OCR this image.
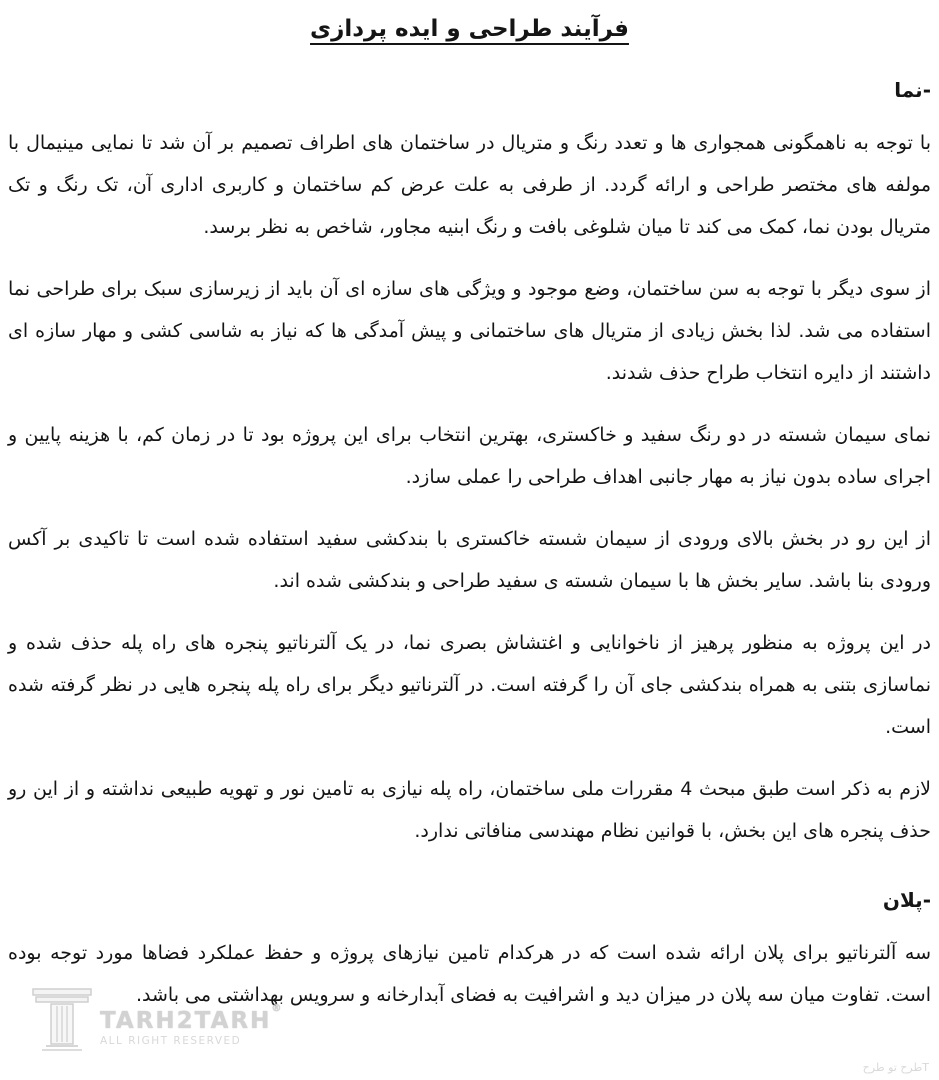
فرآیند طراحی و ایده پردازی
-نما

با توجه به ناهمگونی همجواری ها و تعدد رنگ و متریال در ساختمان های اطراف تصمیم بر آن شد تا نمایی مینیمال با مولفه های مختصر طراحی و ارائه گردد. از طرفی به علت عرض کم ساختمان و کاربری اداری آن، تک رنگ و تک متریال بودن نما، کمک می کند تا میان شلوغی بافت و رنگ ابنیه مجاور، شاخص به نظر برسد.

از سوی دیگر با توجه به سن ساختمان، وضع موجود و ویژگی های سازه ای آن باید از زیرسازی سبک برای طراحی نما استفاده می شد. لذا بخش زیادی از متریال های ساختمانی و پیش آمدگی ها که نیاز به شاسی کشی و مهار سازه ای داشتند از دایره انتخاب طراح حذف شدند.

نمای سیمان شسته در دو رنگ سفید و خاکستری، بهترین انتخاب برای این پروژه بود تا در زمان کم، با هزینه پایین و اجرای ساده بدون نیاز به مهار جانبی اهداف طراحی را عملی سازد.

از این رو در بخش بالای ورودی از سیمان شسته خاکستری با بندکشی سفید استفاده شده است تا تاکیدی بر آکس ورودی بنا باشد. سایر بخش ها با سیمان شسته ی سفید طراحی و بندکشی شده اند.

در این پروژه به منظور پرهیز از ناخوانایی و اغتشاش بصری نما، در یک آلترناتیو پنجره های راه پله حذف شده و نماسازی بتنی به همراه بندکشی جای آن را گرفته است. در آلترناتیو دیگر برای راه پله پنجره هایی در نظر گرفته شده است.

لازم به ذکر است طبق مبحث 4 مقررات ملی ساختمان، راه پله نیازی به تامین نور و تهویه طبیعی نداشته و از این رو حذف پنجره های این بخش، با قوانین نظام مهندسی منافاتی ندارد.

-پلان

سه آلترناتیو برای پلان ارائه شده است که در هرکدام تامین نیازهای پروژه و حفظ عملکرد فضاها مورد توجه بوده است. تفاوت میان سه پلان در میزان دید و اشرافیت به فضای آبدارخانه و سرویس بهداشتی می باشد.

TARH2TARH®
ALL RIGHT RESERVED
طرح تو طرحT
